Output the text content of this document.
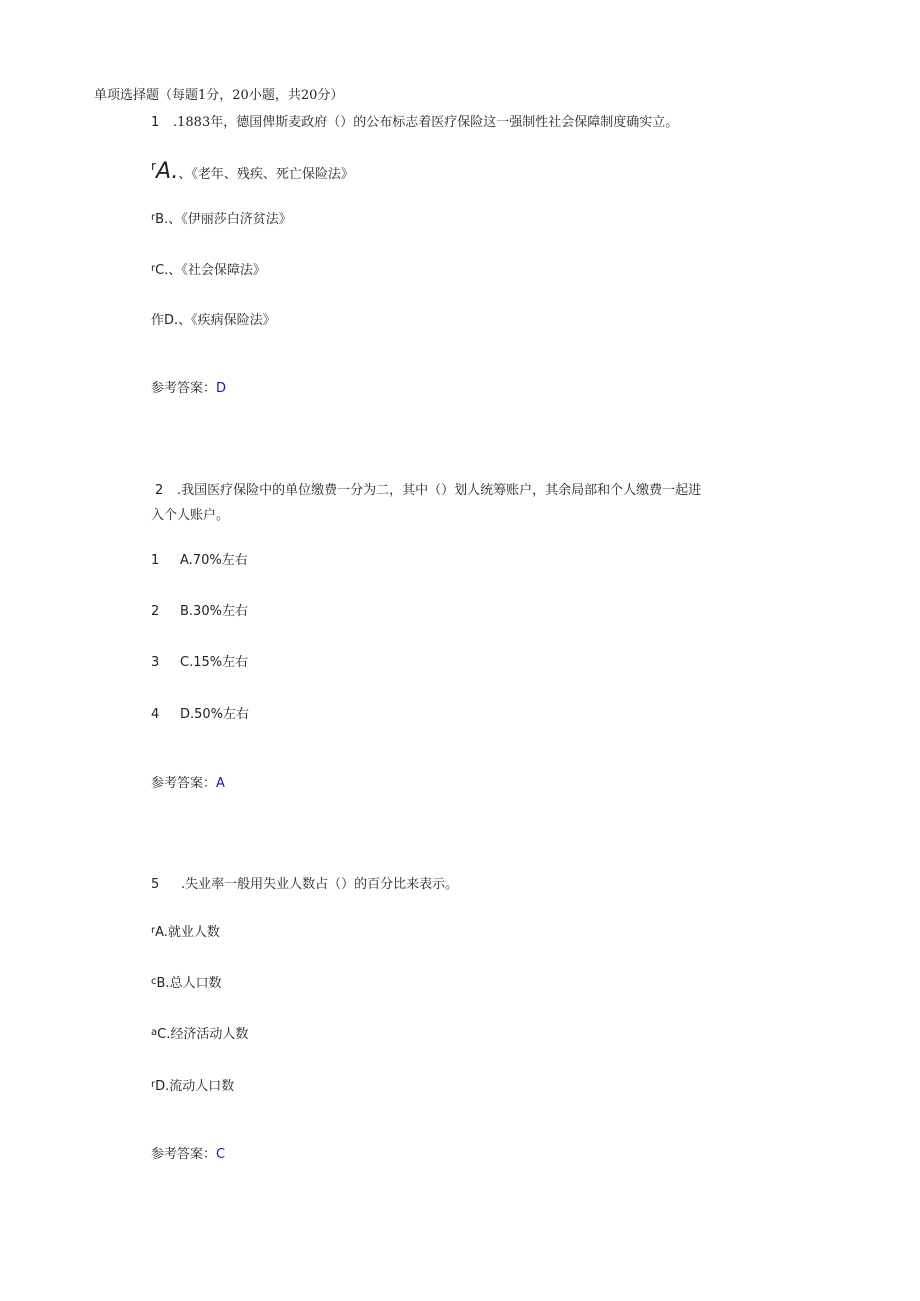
单项选择题（每题1分，20小题，共20分）
1 .1883年，德国俾斯麦政府（）的公布标志着医疗保险这一强制性社会保障制度确实立。
rA.、《老年、残疾、死亡保险法》
$^r$B.、《伊丽莎白济贫法》
$^r$C.、《社会保障法》
作D.、《疾病保险法》
参考答案：D
2 .我国医疗保险中的单位缴费一分为二，其中（）划人统筹账户，其余局部和个人缴费一起进
入个人账户。
1 A.70%左右
2 B.30%左右
3 C.15%左右
4 D.50%左右
参考答案：A
5 .失业率一般用失业人数占（）的百分比来表示。
$^r$A.就业人数
$^c$B.总人口数
$^a$C.经济活动人数
$^r$D.流动人口数
参考答案：C
